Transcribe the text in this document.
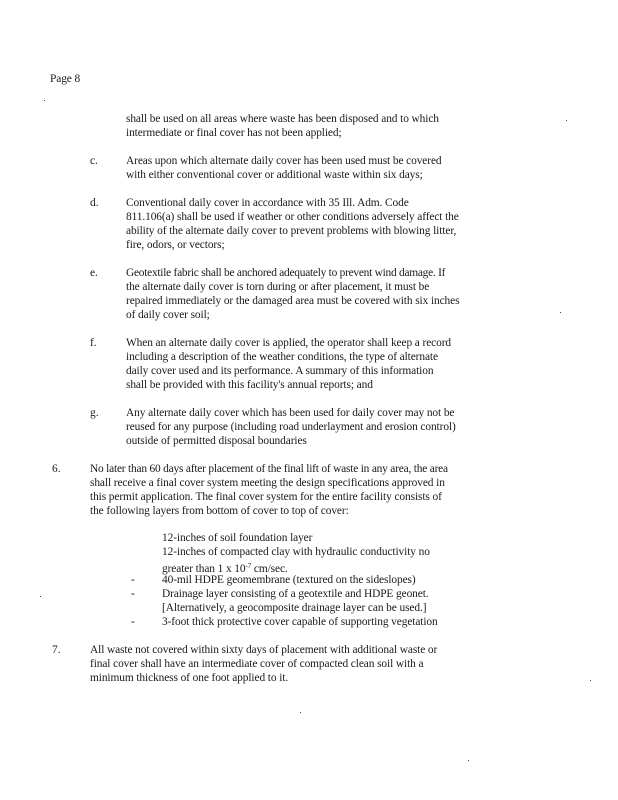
Page 8
shall be used on all areas where waste has been disposed and to which
intermediate or final cover has not been applied;
c. Areas upon which alternate daily cover has been used must be covered
with either conventional cover or additional waste within six days;
d. Conventional daily cover in accordance with 35 Ill. Adm. Code
811.106(a) shall be used if weather or other conditions adversely affect the
ability of the alternate daily cover to prevent problems with blowing litter,
fire, odors, or vectors;
e. Geotextile fabric shall be anchored adequately to prevent wind damage. If
the alternate daily cover is torn during or after placement, it must be
repaired immediately or the damaged area must be covered with six inches
of daily cover soil;
f.	When an alternate daily cover is applied, the operator shall keep a record
including a description of the weather conditions, the type of alternate
daily cover used and its performance. A summary of this information
shall be provided with this facility's annual reports; and
g. Any alternate daily cover which has been used for daily cover may not be
reused for any purpose (including road underlayment and erosion control)
outside of permitted disposal boundaries
6.	No later than 60 days after placement of the final lift of waste in any area, the area
shall receive a final cover system meeting the design specifications approved in
this permit application. The final cover system for the entire facility consists of
the following layers from bottom of cover to top of cover:
12-inches of soil foundation layer
12-inches of compacted clay with hydraulic conductivity no
greater than 1 x $10^{-7}$ cm/sec.
- 40-mil HDPE geomembrane (textured on the sideslopes)
- Drainage layer consisting of a geotextile and HDPE geonet.
[Alternatively, a geocomposite drainage layer can be used.]
- 3-foot thick protective cover capable of supporting vegetation
7.	All waste not covered within sixty days of placement with additional waste or
final cover shall have an intermediate cover of compacted clean soil with a
minimum thickness of one foot applied to it.
